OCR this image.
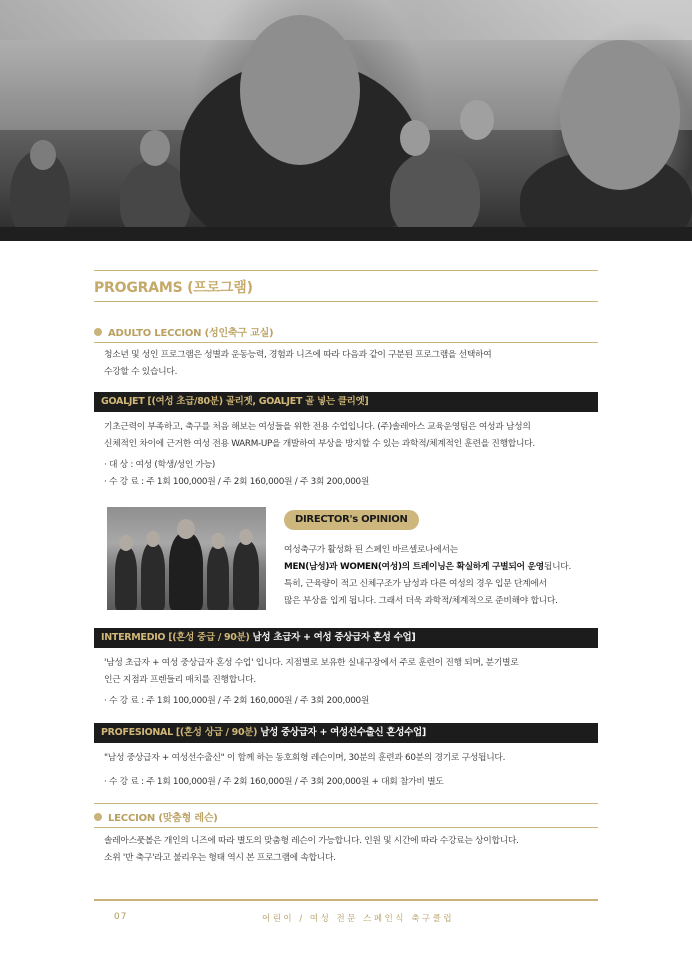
PROGRAMS (프로그램)
ADULTO LECCION (성인축구 교실)
청소년 및 성인 프로그램은 성별과 운동능력, 경험과 니즈에 따라 다음과 같이 구분된 프로그램을 선택하여
수강할 수 있습니다.
GOALJET [(여성 초급/80분) 골리젯, GOALJET 골 넣는 클리엣]
기초근력이 부족하고, 축구를 처음 해보는 여성들을 위한 전용 수업입니다. (주)솔레아스 교육운영팀은 여성과 남성의
신체적인 차이에 근거한 여성 전용 WARM-UP을 개발하여 부상을 방지할 수 있는 과학적/체계적인 훈련을 진행합니다.
· 대 상 : 여성 (학생/성인 가능)
· 수 강 료 : 주 1회 100,000원 / 주 2회 160,000원 / 주 3회 200,000원
DIRECTOR's OPINION
여성축구가 활성화 된 스페인 바르셀로나에서는
MEN(남성)과 WOMEN(여성)의 트레이닝은 확실하게 구별되어 운영됩니다.
특히, 근육량이 적고 신체구조가 남성과 다른 여성의 경우 입문 단계에서
많은 부상을 입게 됩니다. 그래서 더욱 과학적/체계적으로 준비해야 합니다.
INTERMEDIO [(혼성 중급 / 90분) 남성 초급자 + 여성 중상급자 혼성 수업]
'남성 초급자 + 여성 중상급자 혼성 수업' 입니다. 지점별로 보유한 실내구장에서 주로 훈련이 진행 되며, 분기별로
인근 지점과 프렌들리 매치를 진행합니다.
· 수 강 료 : 주 1회 100,000원 / 주 2회 160,000원 / 주 3회 200,000원
PROFESIONAL [(혼성 상급 / 90분) 남성 중상급자 + 여성선수출신 혼성수업]
"남성 중상급자 + 여성선수출신" 이 함께 하는 동호회형 레슨이며, 30분의 훈련과 60분의 경기로 구성됩니다.
· 수 강 료 : 주 1회 100,000원 / 주 2회 160,000원 / 주 3회 200,000원 + 대회 참가비 별도
LECCION (맞춤형 레슨)
솔레아스풋볼은 개인의 니즈에 따라 별도의 맞춤형 레슨이 가능합니다. 인원 및 시간에 따라 수강료는 상이합니다.
소위 '반 축구'라고 불리우는 형태 역시 본 프로그램에 속합니다.
07	어린이 / 여성 전문 스페인식 축구클럽
